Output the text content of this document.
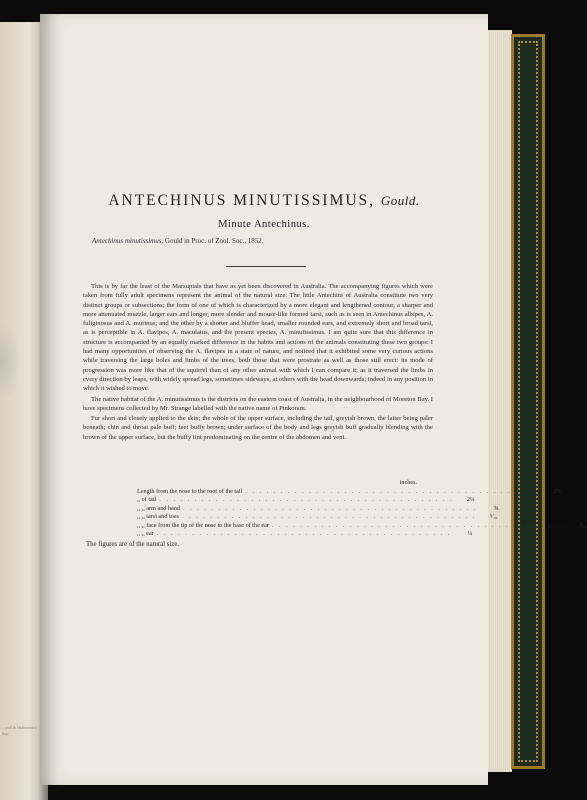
...wall & Hullmandel, Imp.
ANTECHINUS MINUTISSIMUS, Gould.
Minute Antechinus.
Antechinus minutissimus, Gould in Proc. of Zool. Soc., 1852.

This is by far the least of the Marsupials that have as yet been discovered in Australia. The accompanying figures which were taken from fully adult specimens represent the animal of the natural size. The little Antechini of Australia constitute two very distinct groups or subsections; the form of one of which is characterized by a more elegant and lengthened contour, a sharper and more attenuated muzzle, larger ears and longer, more slender and mouse-like formed tarsi, such as is seen in Antechinus albipes, A. fuliginosus and A. murinus; and the other by a shorter and bluffer head, smaller rounded ears, and extremely short and broad tarsi, as is perceptible in A. flavipes, A. maculatus, and the present species, A. minutissimus. I am quite sure that this difference in structure is accompanied by an equally marked difference in the habits and actions of the animals constituting these two groups: I had many opportunities of observing the A. flavipes in a state of nature, and noticed that it exhibited some very curious actions while traversing the large boles and limbs of the trees, both those that were prostrate as well as those still erect: its mode of progression was more like that of the squirrel than of any other animal with which I can compare it; as it traversed the limbs in every direction by leaps, with widely spread legs, sometimes sideways, at others with the head downwards; indeed in any position in which it wished to move.

The native habitat of the A. minutissimus is the districts on the eastern coast of Australia, in the neighbourhood of Moreton Bay. I have specimens collected by Mr. Strange labelled with the native name of Pinkoram.

Fur short and closely applied to the skin; the whole of the upper surface, including the tail, greyish brown, the latter being paler beneath; chin and throat pale buff; feet buffy brown; under surface of the body and legs greyish buff gradually blending with the brown of the upper surface, but the buffy tint predominating on the centre of the abdomen and vent.

inches.
Length from the nose to the root of the tail . . . . . . . . . . . . . . . . . . . . . . . . . . . . . . . . . . . . . . . . . .	2½
,, of tail . . . . . . . . . . . . . . . . . . . . . . . . . . . . . . . . . . . . . . . . . .	2¼
,, ,, arm and hand . . . . . . . . . . . . . . . . . . . . . . . . . . . . . . . . . . . . . . . . . .	⅝
,, ,, tarsi and toes . . . . . . . . . . . . . . . . . . . . . . . . . . . . . . . . . . . . . . . . . .	⁵⁄₁₆
,, ,, face from the tip of the nose to the base of the ear . . . . . . . . . . . . . . . . . . . . . . . . . . . . . . . . . . . . . . . . . .	⁹⁄₁₆
,, ,, ear . . . . . . . . . . . . . . . . . . . . . . . . . . . . . . . . . . . . . . . . . .	¼
The figures are of the natural size.
